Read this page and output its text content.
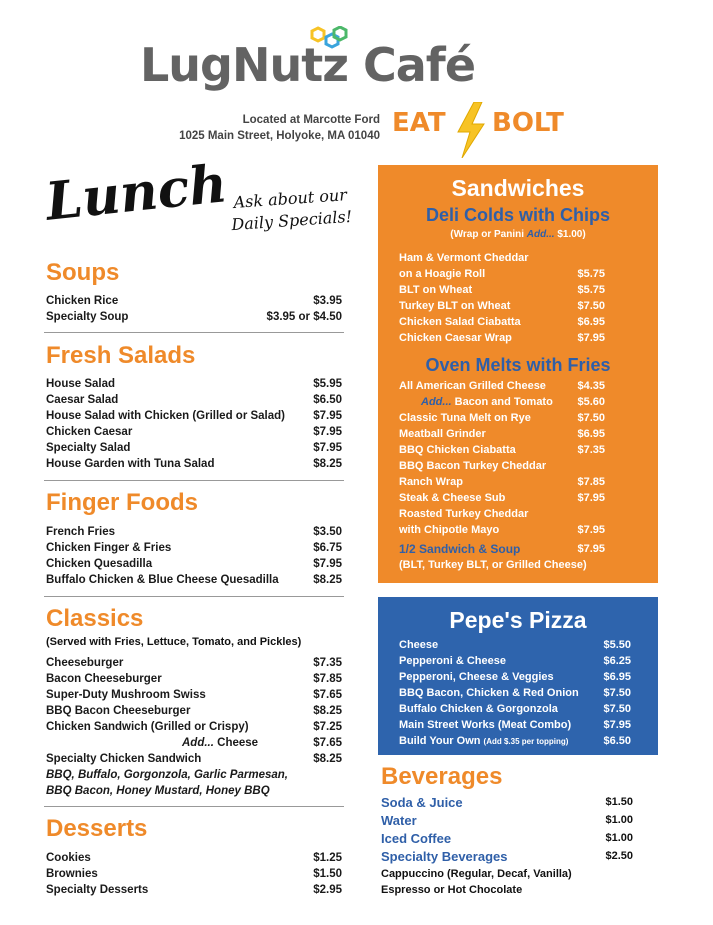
LugNutz Café
Located at Marcotte Ford
1025 Main Street, Holyoke, MA 01040 EAT BOLT
Lunch Ask about our
Daily Specials!
Soups
Chicken Rice	$3.95
Specialty Soup	$3.95 or $4.50
Fresh Salads
House Salad	$5.95
Caesar Salad	$6.50
House Salad with Chicken (Grilled or Salad) $7.95
Chicken Caesar	$7.95
Specialty Salad	$7.95
House Garden with Tuna Salad	$8.25
Finger Foods
French Fries	$3.50
Chicken Finger & Fries	$6.75
Chicken Quesadilla	$7.95
Buffalo Chicken & Blue Cheese Quesadilla	$8.25
Classics
(Served with Fries, Lettuce, Tomato, and Pickles)
Cheeseburger	$7.35
Bacon Cheeseburger	$7.85
Super-Duty Mushroom Swiss	$7.65
BBQ Bacon Cheeseburger	$8.25
Chicken Sandwich (Grilled or Crispy)	$7.25
Add... Cheese	$7.65
Specialty Chicken Sandwich	$8.25
BBQ, Buffalo, Gorgonzola, Garlic Parmesan,
BBQ Bacon, Honey Mustard, Honey BBQ
Desserts
Cookies	$1.25
Brownies	$1.50
Specialty Desserts	$2.95
Sandwiches
Deli Colds with Chips
(Wrap or Panini Add... $1.00)
Ham & Vermont Cheddar
on a Hoagie Roll	$5.75
BLT on Wheat	$5.75
Turkey BLT on Wheat	$7.50
Chicken Salad Ciabatta	$6.95
Chicken Caesar Wrap	$7.95
Oven Melts with Fries
All American Grilled Cheese	$4.35
Add... Bacon and Tomato $5.60
Classic Tuna Melt on Rye	$7.50
Meatball Grinder	$6.95
BBQ Chicken Ciabatta	$7.35
BBQ Bacon Turkey Cheddar
Ranch Wrap	$7.85
Steak & Cheese Sub	$7.95
Roasted Turkey Cheddar
with Chipotle Mayo	$7.95
1/2 Sandwich & Soup	$7.95
(BLT, Turkey BLT, or Grilled Cheese)
Pepe's Pizza
Cheese	$5.50
Pepperoni & Cheese	$6.25
Pepperoni, Cheese & Veggies	$6.95
BBQ Bacon, Chicken & Red Onion $7.50
Buffalo Chicken & Gorgonzola	$7.50
Main Street Works (Meat Combo)	$7.95
Build Your Own (Add $.35 per topping)	$6.50
Beverages
Soda & Juice	$1.50
Water	$1.00
Iced Coffee	$1.00
Specialty Beverages	$2.50
Cappuccino (Regular, Decaf, Vanilla)
Espresso or Hot Chocolate
